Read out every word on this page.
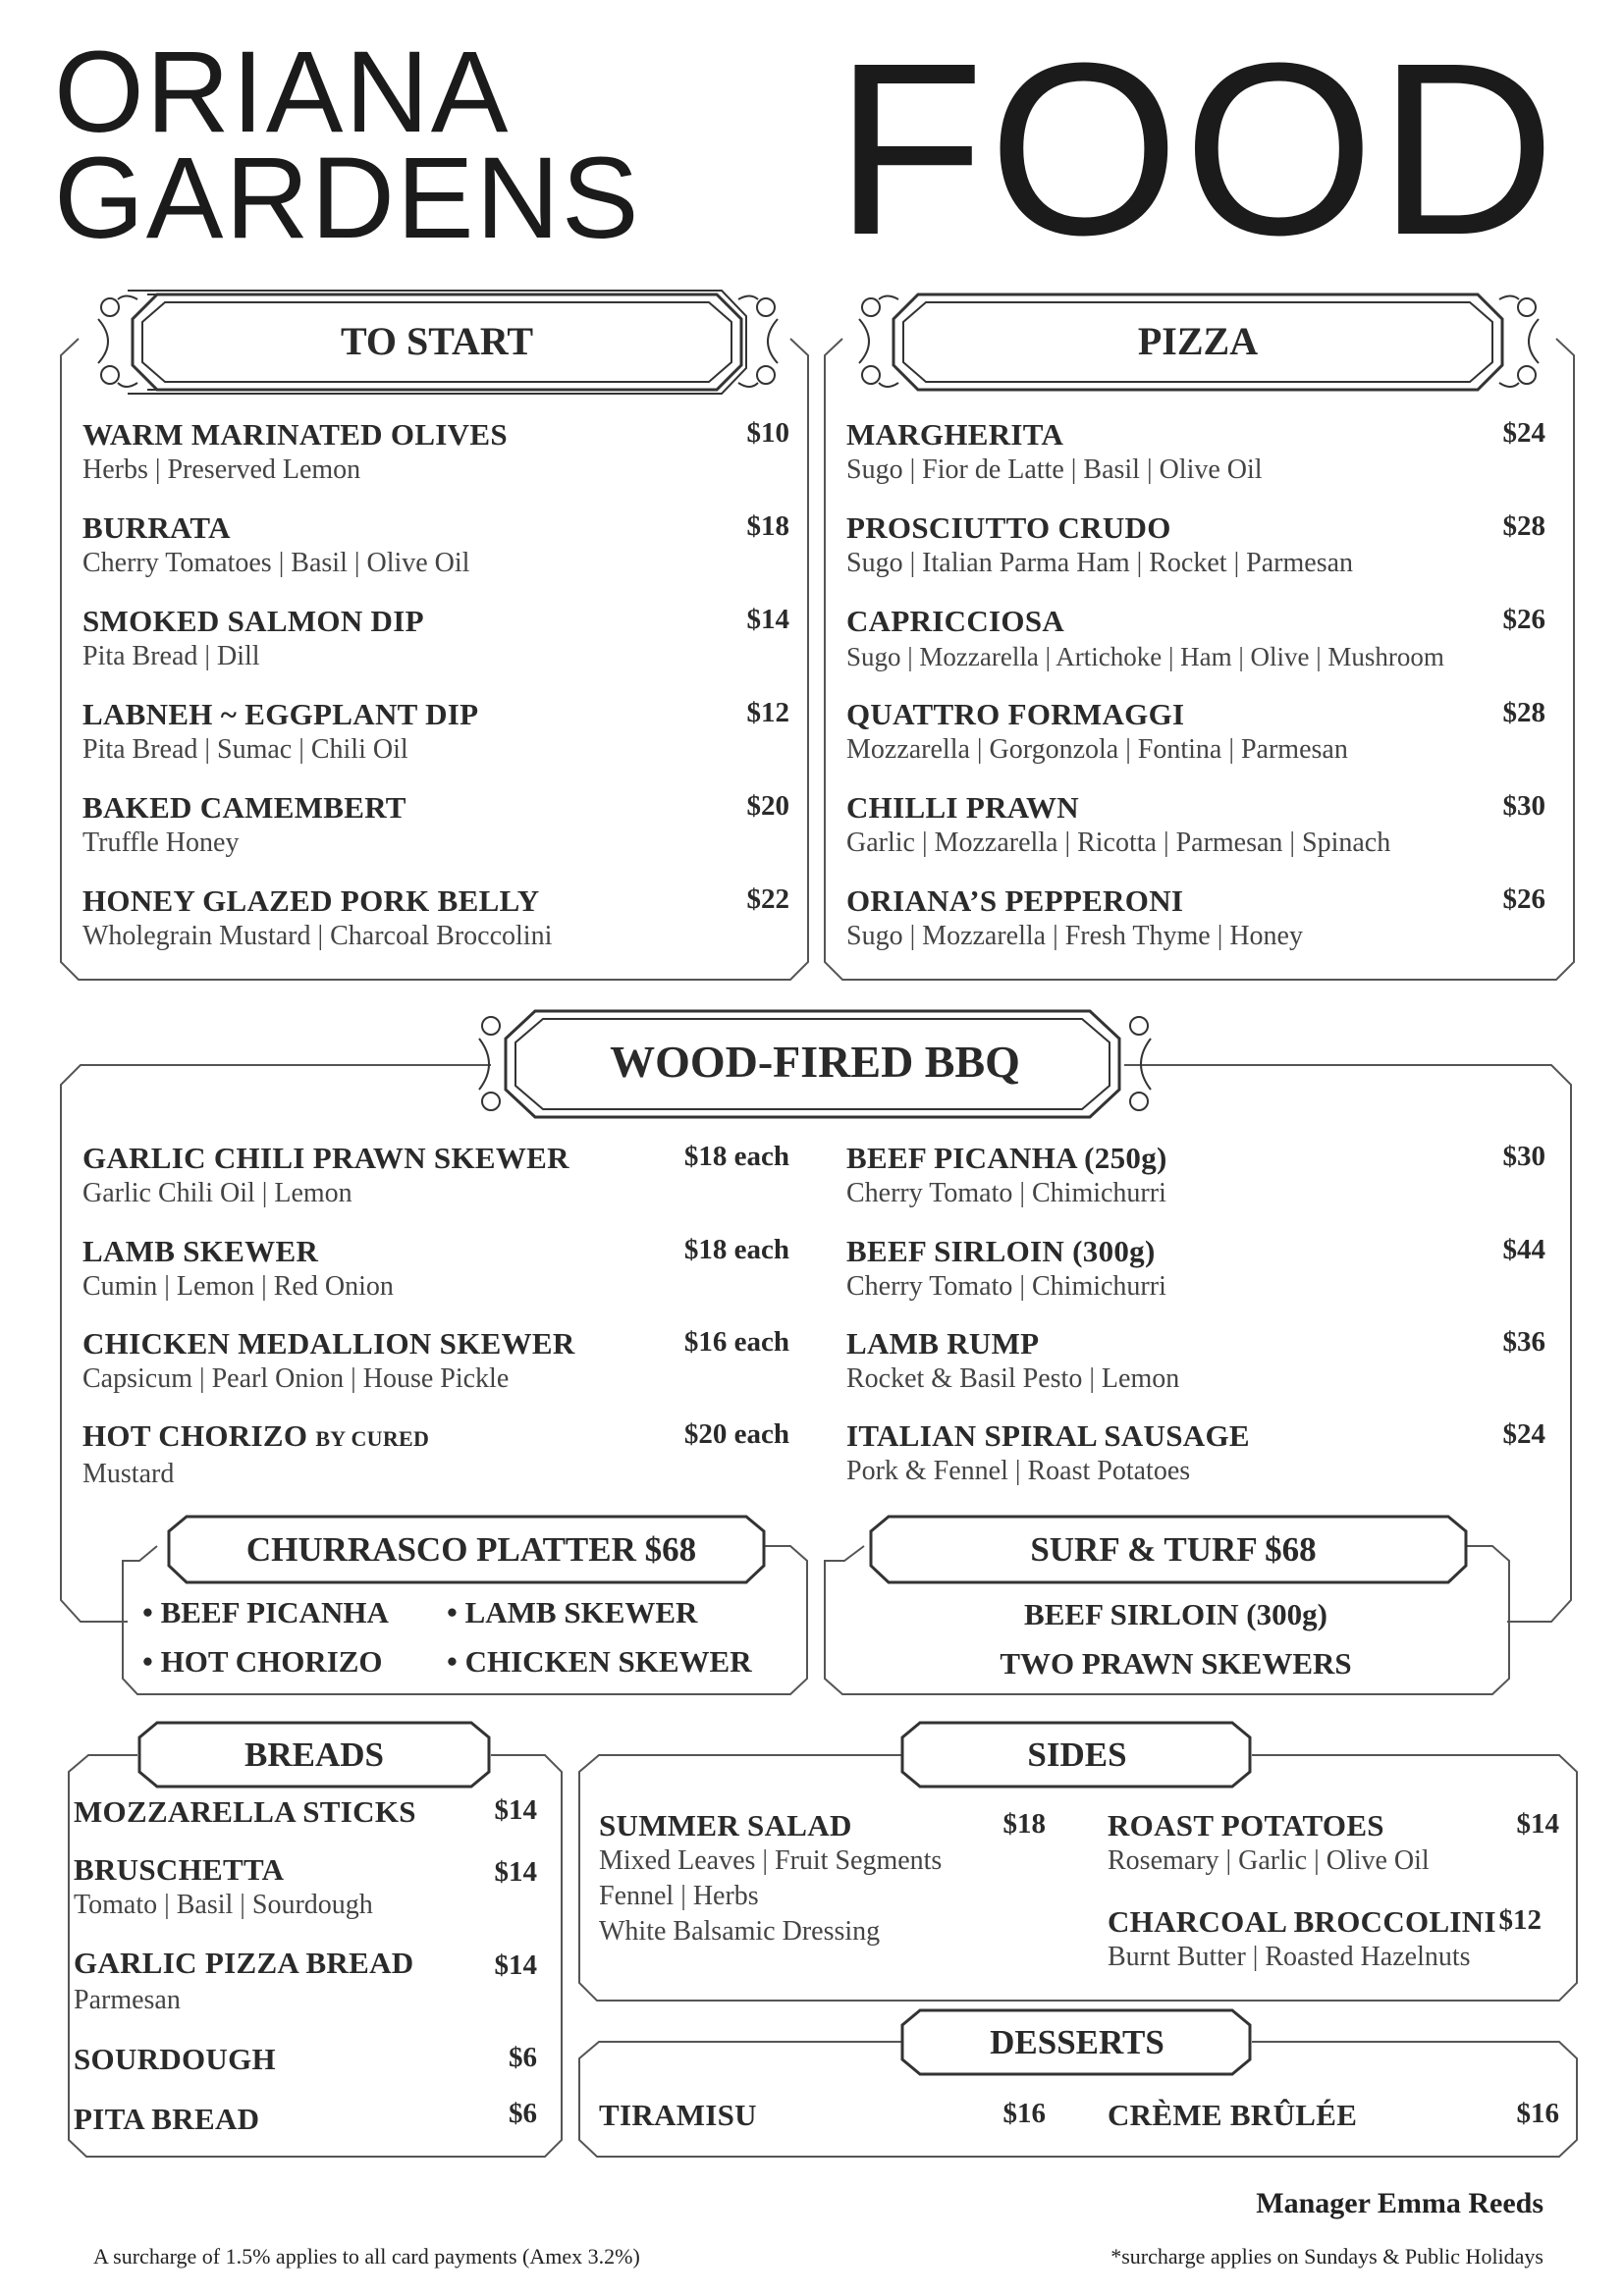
ORIANA
GARDENS FOOD
TO START	PIZZA
WOOD-FIRED BBQ
CHURRASCO PLATTER $68	SURF & TURF $68
BREADS	SIDES
DESSERTS
WARM MARINATED OLIVES
Herbs | Preserved Lemon
$10
BURRATA
Cherry Tomatoes | Basil | Olive Oil
$18
SMOKED SALMON DIP
Pita Bread | Dill
$14
LABNEH ~ EGGPLANT DIP
Pita Bread | Sumac | Chili Oil
$12
BAKED CAMEMBERT
Truffle Honey
$20
HONEY GLAZED PORK BELLY
Wholegrain Mustard | Charcoal Broccolini
$22
MARGHERITA
Sugo | Fior de Latte | Basil | Olive Oil
$24
PROSCIUTTO CRUDO
Sugo | Italian Parma Ham | Rocket | Parmesan
$28
CAPRICCIOSA
Sugo | Mozzarella | Artichoke | Ham | Olive | Mushroom
$26
QUATTRO FORMAGGI
Mozzarella | Gorgonzola | Fontina | Parmesan
$28
CHILLI PRAWN
Garlic | Mozzarella | Ricotta | Parmesan | Spinach
$30
ORIANA’S PEPPERONI
Sugo | Mozzarella | Fresh Thyme | Honey
$26
GARLIC CHILI PRAWN SKEWER
Garlic Chili Oil | Lemon
$18 each
LAMB SKEWER
Cumin | Lemon | Red Onion
$18 each
CHICKEN MEDALLION SKEWER
Capsicum | Pearl Onion | House Pickle
$16 each
HOT CHORIZO BY CURED
Mustard
$20 each
BEEF PICANHA (250g)
Cherry Tomato | Chimichurri
$30
BEEF SIRLOIN (300g)
Cherry Tomato | Chimichurri
$44
LAMB RUMP
Rocket & Basil Pesto | Lemon
$36
ITALIAN SPIRAL SAUSAGE
Pork & Fennel | Roast Potatoes
$24
• BEEF PICANHA • LAMB SKEWER
• HOT CHORIZO • CHICKEN SKEWER
BEEF SIRLOIN (300g)
TWO PRAWN SKEWERS
MOZZARELLA STICKS	$14
BRUSCHETTA
Tomato | Basil | Sourdough
$14
GARLIC PIZZA BREAD
Parmesan
$14
SOURDOUGH	$6
PITA BREAD	$6
SUMMER SALAD
Mixed Leaves | Fruit Segments
Fennel | Herbs
White Balsamic Dressing
$18 ROAST POTATOES
Rosemary | Garlic | Olive Oil
$14
CHARCOAL BROCCOLINI
Burnt Butter | Roasted Hazelnuts
$12
TIRAMISU	$16 CRÈME BRÛLÉE	$16
Manager Emma Reeds
A surcharge of 1.5% applies to all card payments (Amex 3.2%)	*surcharge applies on Sundays & Public Holidays
